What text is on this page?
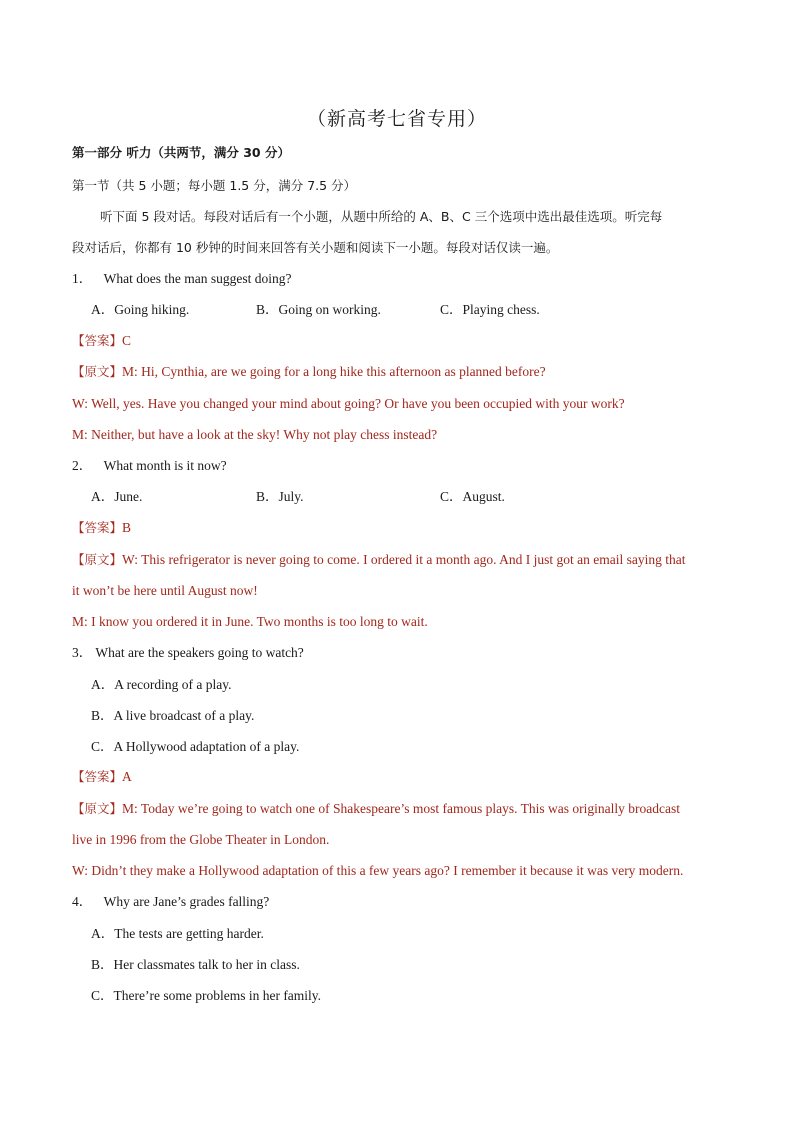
（新高考七省专用）
第一部分 听力（共两节，满分 30 分）
第一节（共 5 小题；每小题 1.5 分，满分 7.5 分）
听下面 5 段对话。每段对话后有一个小题，从题中所给的 A、B、C 三个选项中选出最佳选项。听完每
段对话后，你都有 10 秒钟的时间来回答有关小题和阅读下一小题。每段对话仅读一遍。
1． What does the man suggest doing?
A．Going hiking.	B．Going on working.	C．Playing chess.
【答案】C
【原文】M: Hi, Cynthia, are we going for a long hike this afternoon as planned before?
W: Well, yes. Have you changed your mind about going? Or have you been occupied with your work?
M: Neither, but have a look at the sky! Why not play chess instead?
2． What month is it now?
A．June.	B．July.	C．August.
【答案】B
【原文】W: This refrigerator is never going to come. I ordered it a month ago. And I just got an email saying that
it won’t be here until August now!
M: I know you ordered it in June. Two months is too long to wait.
3． What are the speakers going to watch?
A．A recording of a play.
B．A live broadcast of a play.
C．A Hollywood adaptation of a play.
【答案】A
【原文】M: Today we’re going to watch one of Shakespeare’s most famous plays. This was originally broadcast
live in 1996 from the Globe Theater in London.
W: Didn’t they make a Hollywood adaptation of this a few years ago? I remember it because it was very modern.
4． Why are Jane’s grades falling?
A．The tests are getting harder.
B．Her classmates talk to her in class.
C．There’re some problems in her family.
